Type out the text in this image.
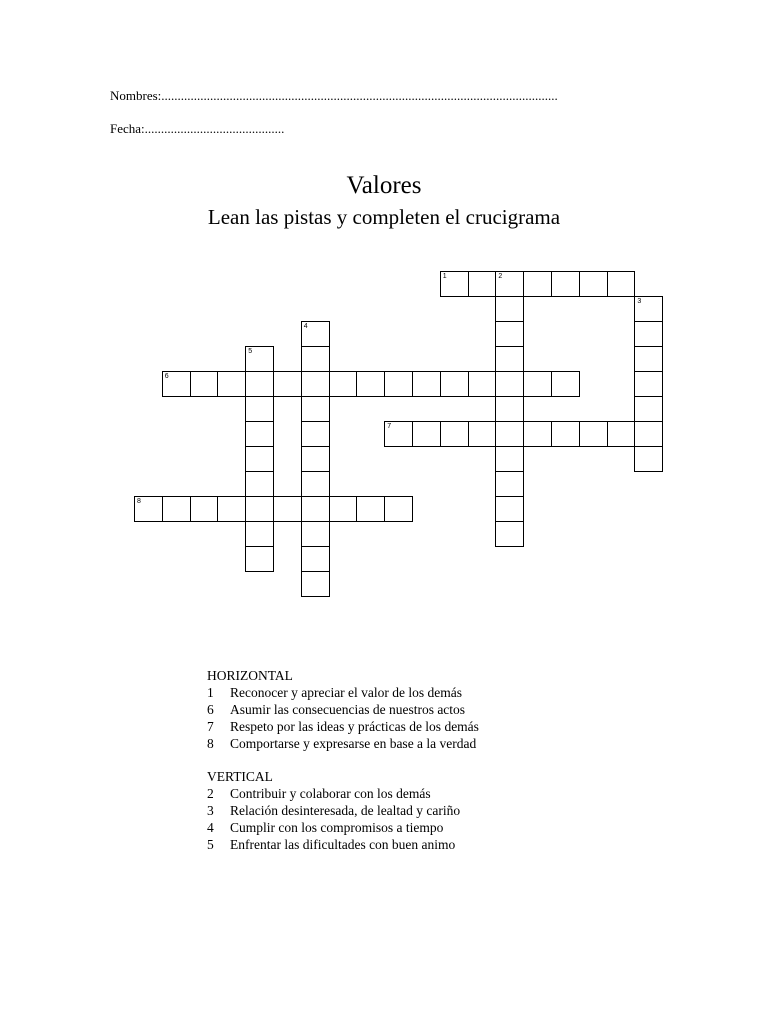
Nombres:..........................................................................................................................
Fecha:...........................................
Valores
Lean las pistas y completen el crucigrama
1	2
3
4
5
6
7
8
HORIZONTAL
1	Reconocer y apreciar el valor de los demás
6	Asumir las consecuencias de nuestros actos
7	Respeto por las ideas y prácticas de los demás
8	Comportarse y expresarse en base a la verdad
VERTICAL
2	Contribuir y colaborar con los demás
3	Relación desinteresada, de lealtad y cariño
4	Cumplir con los compromisos a tiempo
5	Enfrentar las dificultades con buen animo
